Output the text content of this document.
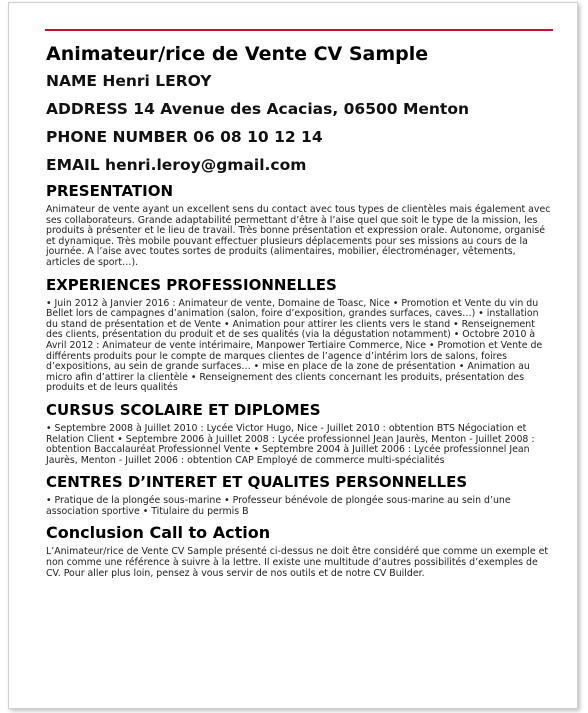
Animateur/rice de Vente CV Sample
NAME Henri LEROY
ADDRESS 14 Avenue des Acacias, 06500 Menton
PHONE NUMBER 06 08 10 12 14
EMAIL henri.leroy@gmail.com
PRESENTATION

Animateur de vente ayant un excellent sens du contact avec tous types de clientèles mais également avec ses collaborateurs. Grande adaptabilité permettant d’être à l’aise quel que soit le type de la mission, les produits à présenter et le lieu de travail. Très bonne présentation et expression orale. Autonome, organisé et dynamique. Très mobile pouvant effectuer plusieurs déplacements pour ses missions au cours de la journée. A l’aise avec toutes sortes de produits (alimentaires, mobilier, électroménager, vêtements, articles de sport…).

EXPERIENCES PROFESSIONNELLES

• Juin 2012 à Janvier 2016 : Animateur de vente, Domaine de Toasc, Nice • Promotion et Vente du vin du Bellet lors de campagnes d’animation (salon, foire d’exposition, grandes surfaces, caves…) • installation du stand de présentation et de Vente • Animation pour attirer les clients vers le stand • Renseignement des clients, présentation du produit et de ses qualités (via la dégustation notamment) • Octobre 2010 à Avril 2012 : Animateur de vente intérimaire, Manpower Tertiaire Commerce, Nice • Promotion et Vente de différents produits pour le compte de marques clientes de l’agence d’intérim lors de salons, foires d’expositions, au sein de grande surfaces… • mise en place de la zone de présentation • Animation au micro afin d’attirer la clientèle • Renseignement des clients concernant les produits, présentation des produits et de leurs qualités

CURSUS SCOLAIRE ET DIPLOMES

• Septembre 2008 à Juillet 2010 : Lycée Victor Hugo, Nice - Juillet 2010 : obtention BTS Négociation et Relation Client • Septembre 2006 à Juillet 2008 : Lycée professionnel Jean Jaurès, Menton - Juillet 2008 : obtention Baccalauréat Professionnel Vente • Septembre 2004 à Juillet 2006 : Lycée professionnel Jean Jaurès, Menton - Juillet 2006 : obtention CAP Employé de commerce multi-spécialités

CENTRES D’INTERET ET QUALITES PERSONNELLES

• Pratique de la plongée sous-marine • Professeur bénévole de plongée sous-marine au sein d’une association sportive • Titulaire du permis B

Conclusion Call to Action

L’Animateur/rice de Vente CV Sample présenté ci-dessus ne doit être considéré que comme un exemple et non comme une référence à suivre à la lettre. Il existe une multitude d’autres possibilités d’exemples de CV. Pour aller plus loin, pensez à vous servir de nos outils et de notre CV Builder.
